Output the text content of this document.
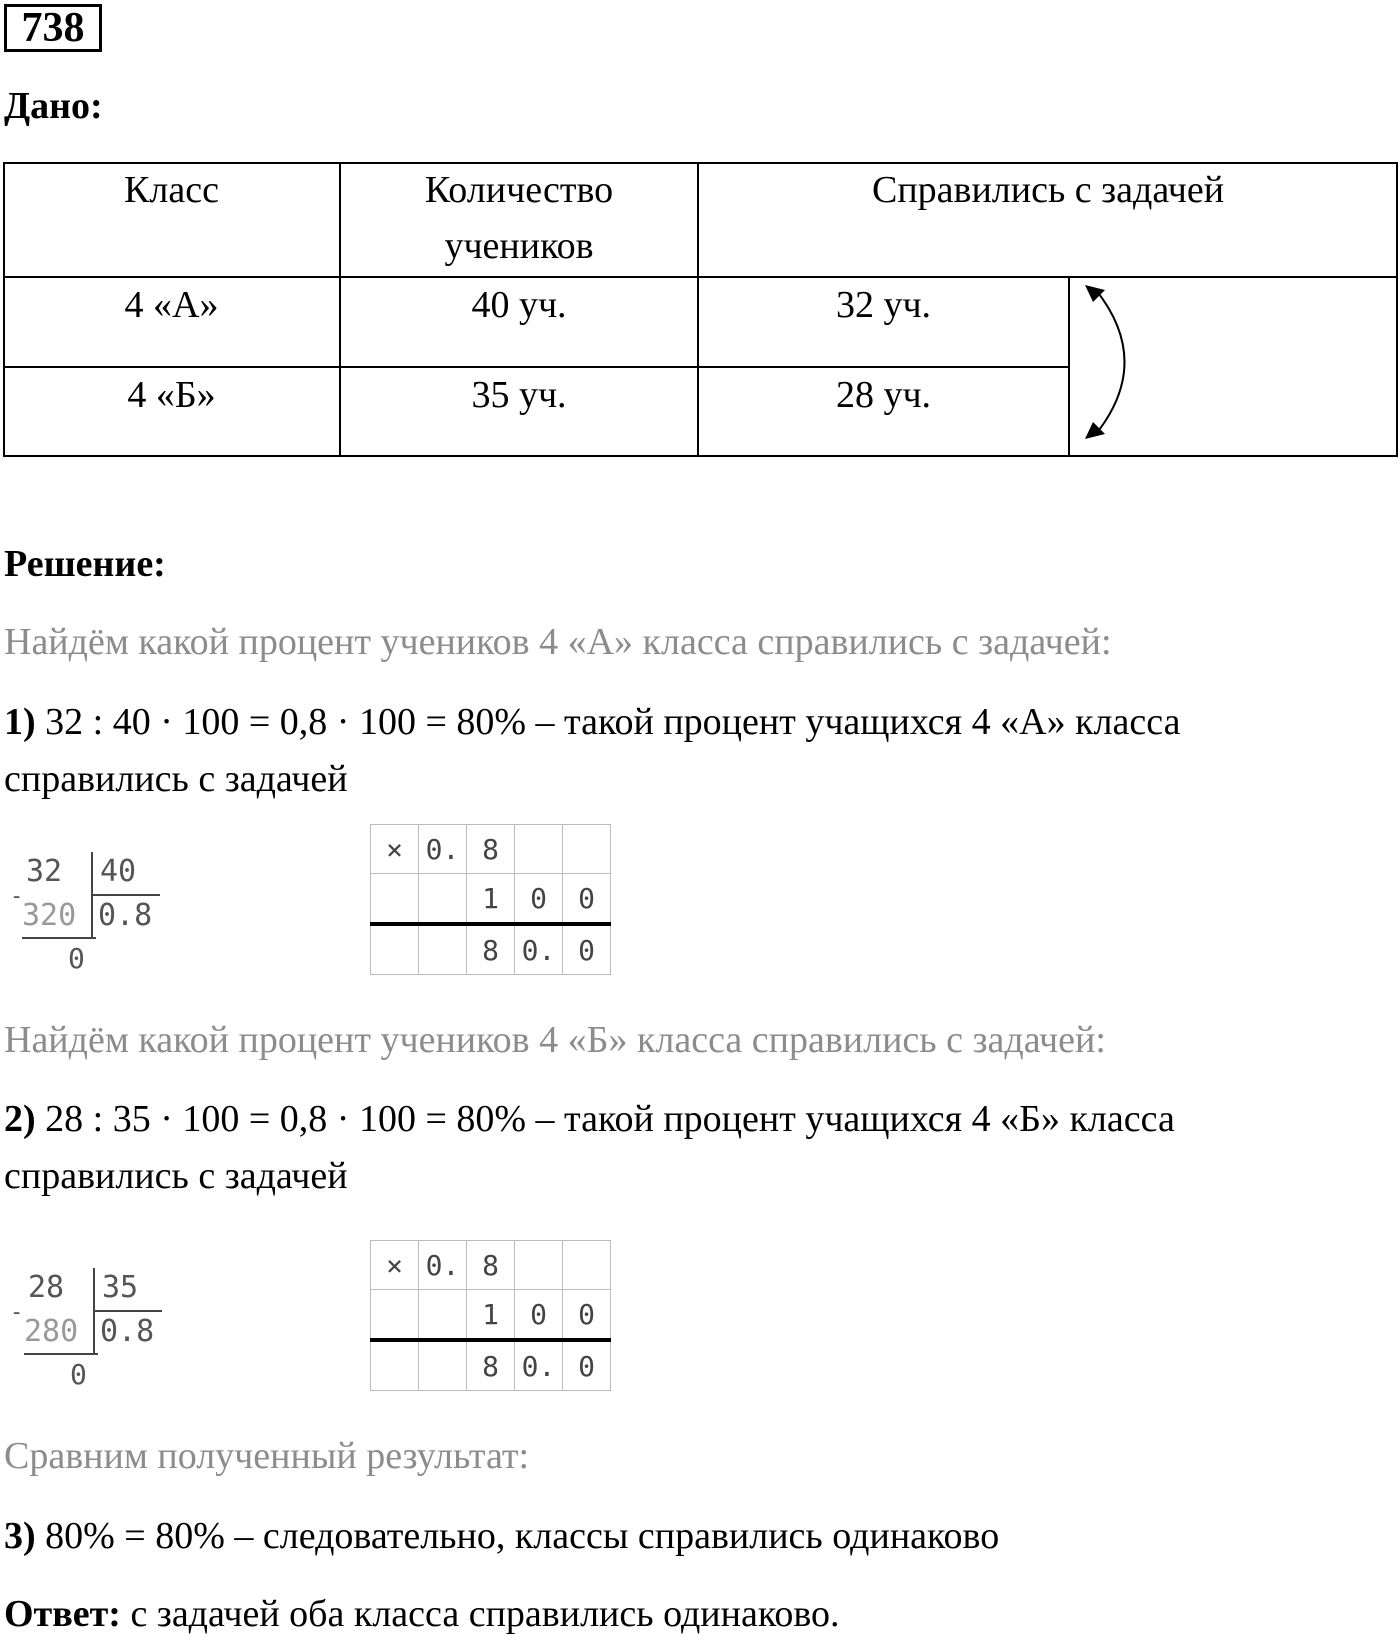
738
Дано:
Класс	Количество
учеников
Справились с задачей
4 «А»	40 уч.	32 уч.
4 «Б»	35 уч.	28 уч.
Решение:
Найдём какой процент учеников 4 «А» класса справились с задачей:
1) 32 : 40 · 100 = 0,8 · 100 = 80% – такой процент учащихся 4 «А» класса
справились с задачей
32 40
-
320 0.8
0
×	0.	8		
		1	0	0
		8	0.	0
Найдём какой процент учеников 4 «Б» класса справились с задачей:
2) 28 : 35 · 100 = 0,8 · 100 = 80% – такой процент учащихся 4 «Б» класса
справились с задачей
28 35
-
280 0.8
0
×	0.	8		
		1	0	0
		8	0.	0
Сравним полученный результат:
3) 80% = 80% – следовательно, классы справились одинаково
Ответ: с задачей оба класса справились одинаково.
